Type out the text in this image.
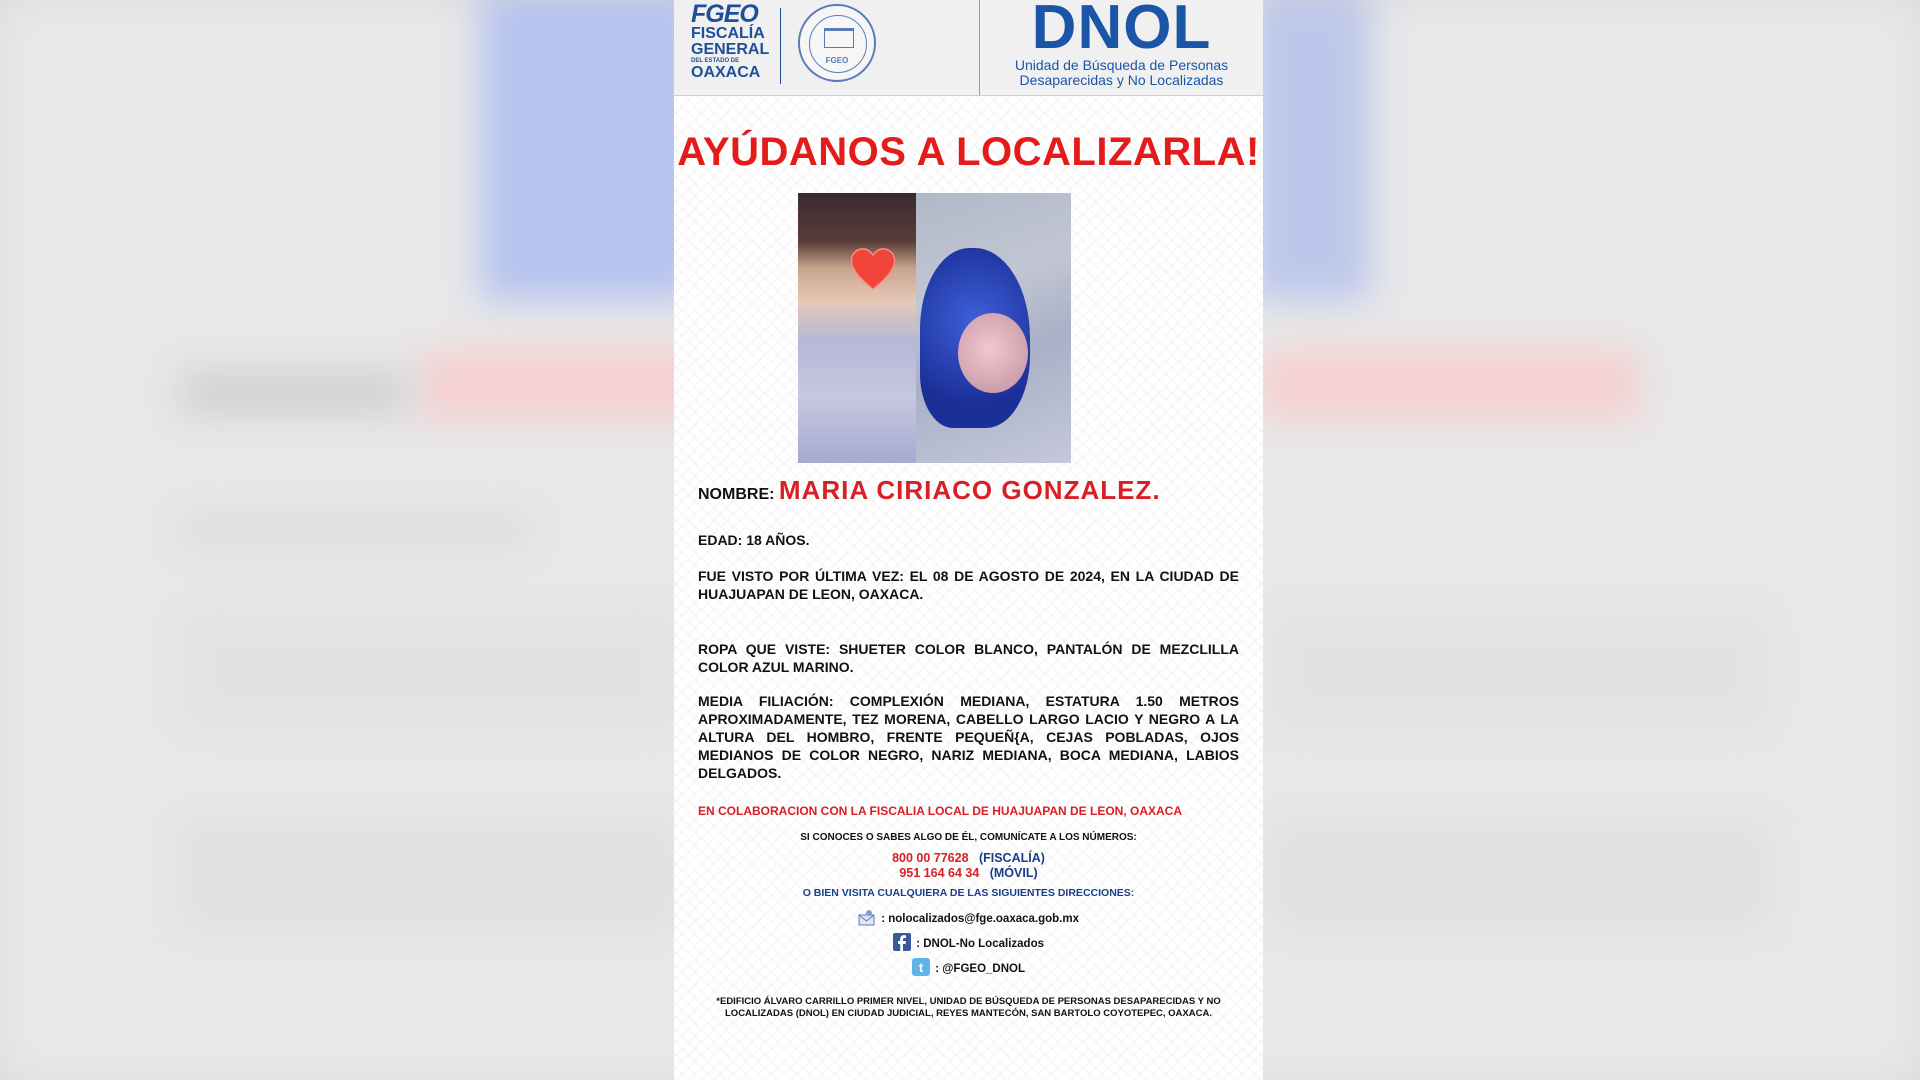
FGEO
FISCALÍA
GENERAL
DEL ESTADO DE
OAXACA
FGEO	DNOL
Unidad de Búsqueda de Personas
Desaparecidas y No Localizadas
AYÚDANOS A LOCALIZARLA!
NOMBRE: MARIA CIRIACO GONZALEZ.
EDAD: 18 AÑOS.
FUE VISTO POR ÚLTIMA VEZ: EL 08 DE AGOSTO DE 2024, EN LA CIUDAD DE HUAJUAPAN DE LEON, OAXACA.
ROPA QUE VISTE: SHUETER COLOR BLANCO, PANTALÓN DE MEZCLILLA COLOR AZUL MARINO.
MEDIA FILIACIÓN: COMPLEXIÓN MEDIANA, ESTATURA 1.50 METROS APROXIMADAMENTE, TEZ MORENA, CABELLO LARGO LACIO Y NEGRO A LA ALTURA DEL HOMBRO, FRENTE PEQUEÑ{A, CEJAS POBLADAS, OJOS MEDIANOS DE COLOR NEGRO, NARIZ MEDIANA, BOCA MEDIANA, LABIOS DELGADOS.
EN COLABORACION CON LA FISCALIA LOCAL DE HUAJUAPAN DE LEON, OAXACA
SI CONOCES O SABES ALGO DE ÉL, COMUNÍCATE A LOS NÚMEROS:
800 00 77628 (FISCALÍA)
951 164 64 34 (MÓVIL)
O BIEN VISITA CUALQUIERA DE LAS SIGUIENTES DIRECCIONES:
: nolocalizados@fge.oaxaca.gob.mx
: DNOL-No Localizados
t : @FGEO_DNOL
*EDIFICIO ÁLVARO CARRILLO PRIMER NIVEL, UNIDAD DE BÚSQUEDA DE PERSONAS DESAPARECIDAS Y NO LOCALIZADAS (DNOL) EN CIUDAD JUDICIAL, REYES MANTECÓN, SAN BARTOLO COYOTEPEC, OAXACA.
